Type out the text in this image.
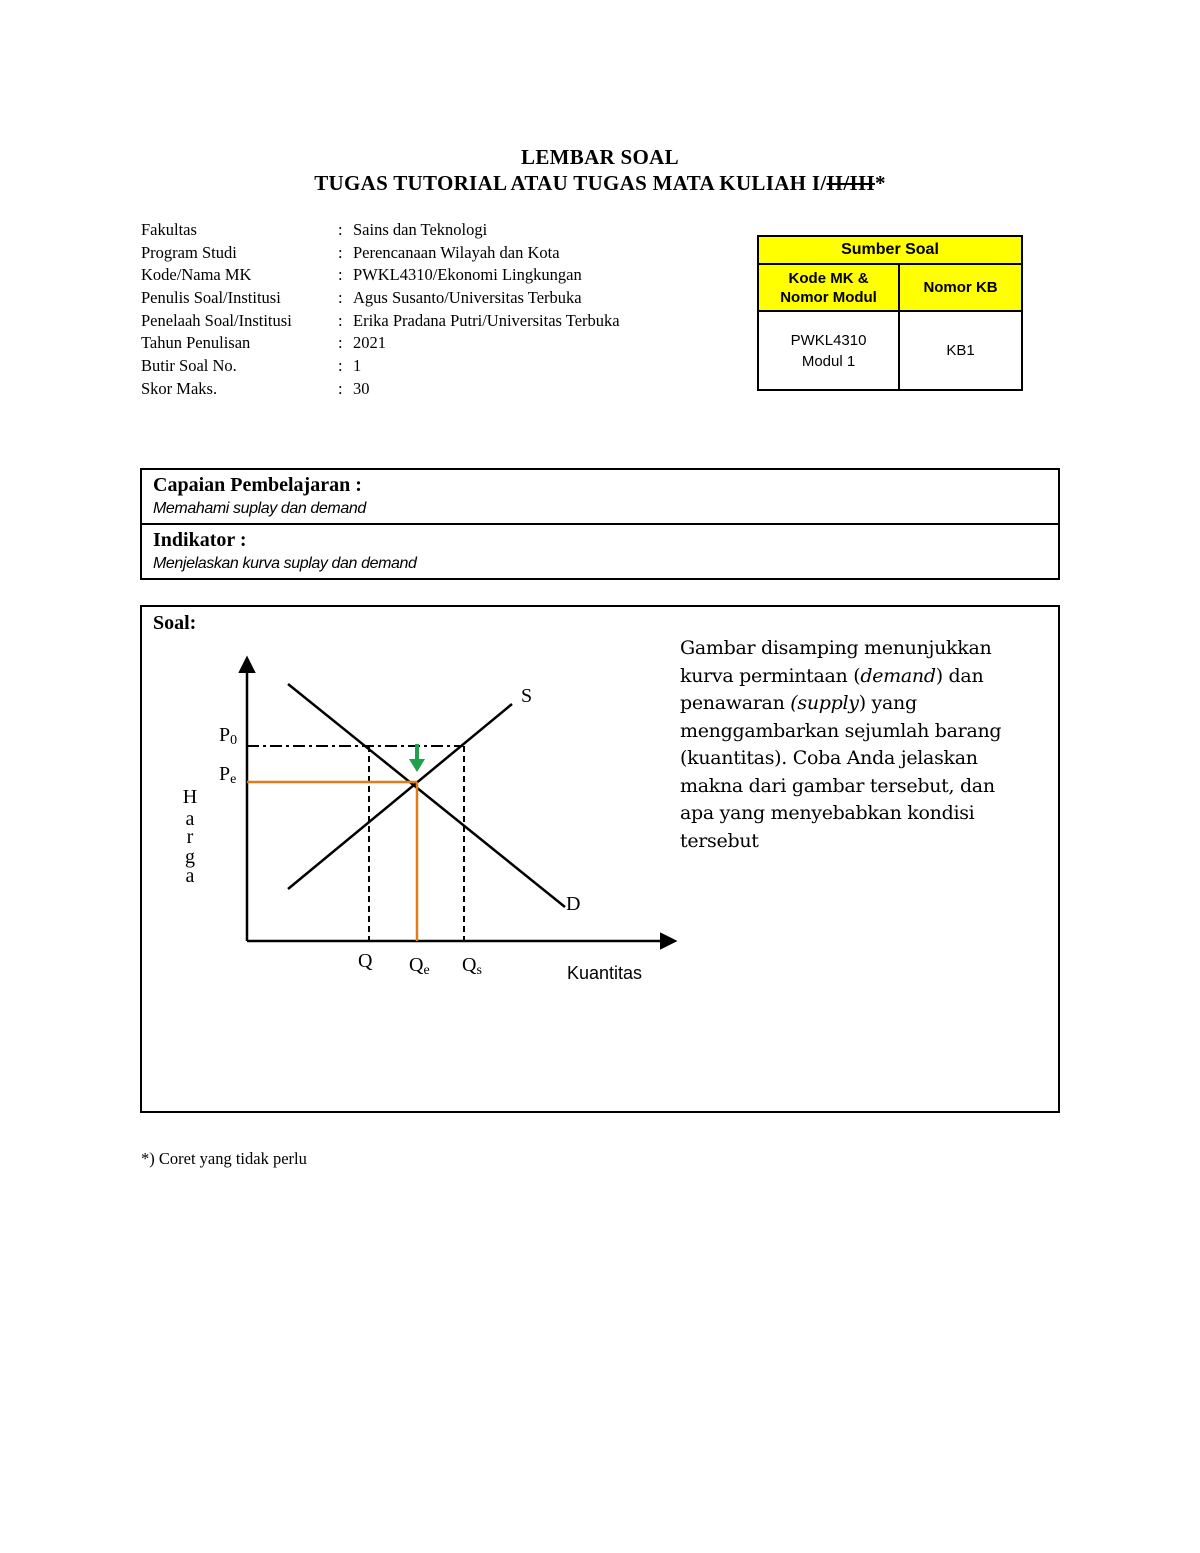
LEMBAR SOAL
TUGAS TUTORIAL ATAU TUGAS MATA KULIAH I/II/III*
Fakultas	: Sains dan Teknologi
Program Studi	: Perencanaan Wilayah dan Kota
Kode/Nama MK	: PWKL4310/Ekonomi Lingkungan
Penulis Soal/Institusi	: Agus Susanto/Universitas Terbuka
Penelaah Soal/Institusi	: Erika Pradana Putri/Universitas Terbuka
Tahun Penulisan	: 2021
Butir Soal No.	: 1
Skor Maks.	: 30
Sumber Soal	
Kode MK &
Nomor Modul	Nomor KB
PWKL4310
Modul 1	KB1
Capaian Pembelajaran :
Memahami suplay dan demand
Indikator :
Menjelaskan kurva suplay dan demand
Soal:
S
D
P0
Pe
Q Qe Qs	Kuantitas
H
a
r
g
a
Gambar disamping menunjukkan
kurva permintaan (demand) dan
penawaran (supply) yang
menggambarkan sejumlah barang
(kuantitas). Coba Anda jelaskan
makna dari gambar tersebut, dan
apa yang menyebabkan kondisi
tersebut
*) Coret yang tidak perlu
